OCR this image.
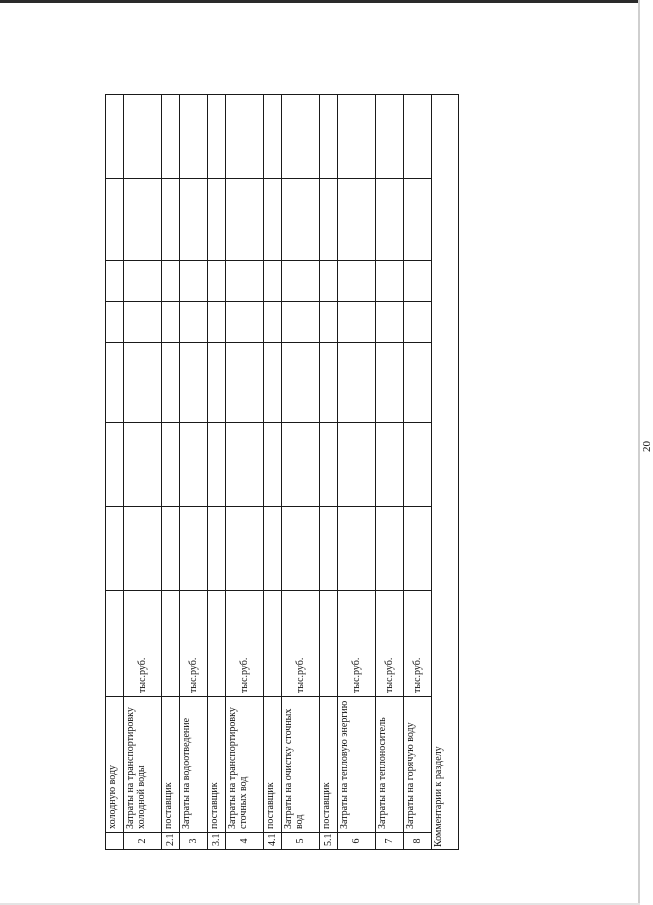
20
	холодную воду								
2	Затраты на транспортировку холодной воды	тыс.руб.							
2.1	поставщик								
3	Затраты на водоотведение	тыс.руб.							
3.1	поставщик								
4	Затраты на транспортировку сточных вод	тыс.руб.							
4.1	поставщик								
5	Затраты на очистку сточных вод	тыс.руб.							
5.1	поставщик								
6	Затраты на тепловую энергию	тыс.руб.							
7	Затраты на теплоноситель	тыс.руб.							
8	Затраты на горячую воду	тыс.руб.							
Комментарии к разделу									
